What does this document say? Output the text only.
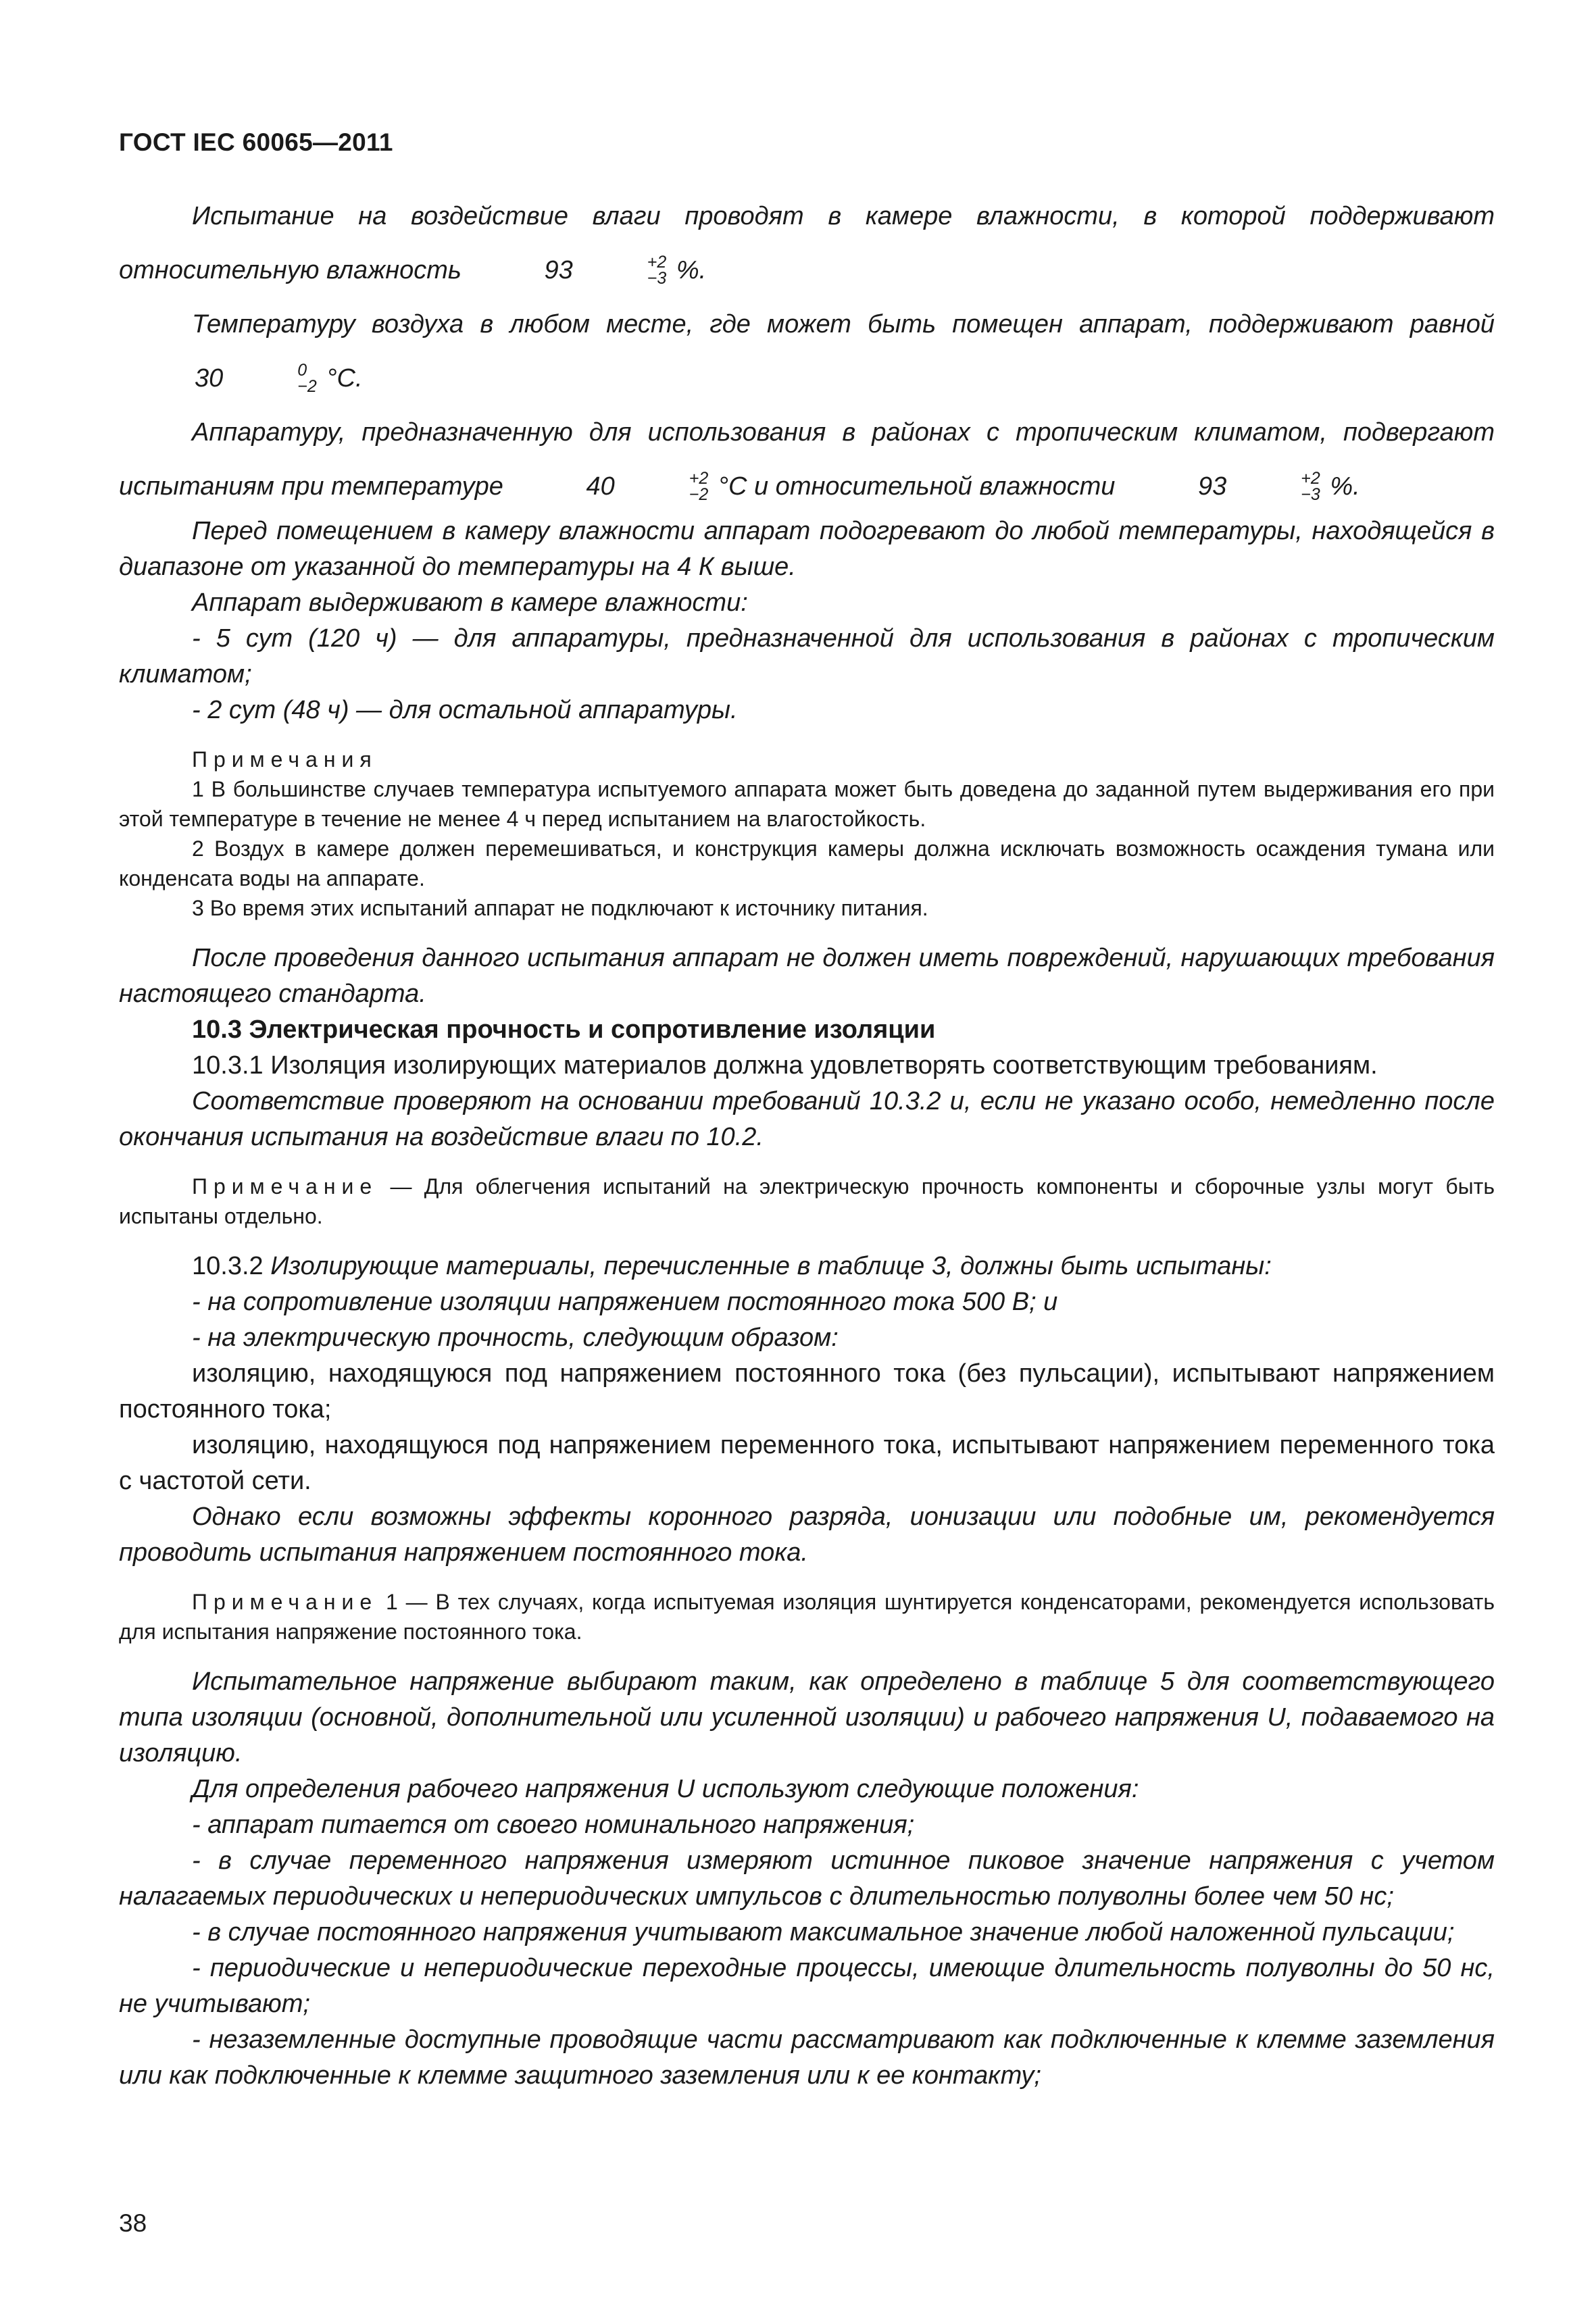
ГОСТ IEC 60065—2011

Испытание на воздействие влаги проводят в камере влажности, в которой поддерживают относительную влажность	93	+2
−3 %.

Температуру воздуха в любом месте, где может быть помещен аппарат, поддерживают равной 30	0
−2 °С.

Аппаратуру, предназначенную для использования в районах с тропическим климатом, подвергают испытаниям при температуре	40	+2
−2 °С и относительной влажности	93	+2
−3 %.

Перед помещением в камеру влажности аппарат подогревают до любой температуры, находящейся в диапазоне от указанной до температуры на 4 К выше.

Аппарат выдерживают в камере влажности:

- 5 сут (120 ч) — для аппаратуры, предназначенной для использования в районах с тропическим климатом;

- 2 сут (48 ч) — для остальной аппаратуры.

Примечания

1 В большинстве случаев температура испытуемого аппарата может быть доведена до заданной путем выдерживания его при этой температуре в течение не менее 4 ч перед испытанием на влагостойкость.

2 Воздух в камере должен перемешиваться, и конструкция камеры должна исключать возможность осаждения тумана или конденсата воды на аппарате.

3 Во время этих испытаний аппарат не подключают к источнику питания.

После проведения данного испытания аппарат не должен иметь повреждений, нарушающих требования настоящего стандарта.

10.3 Электрическая прочность и сопротивление изоляции

10.3.1 Изоляция изолирующих материалов должна удовлетворять соответствующим требованиям.

Соответствие проверяют на основании требований 10.3.2 и, если не указано особо, немедленно после окончания испытания на воздействие влаги по 10.2.

Примечание — Для облегчения испытаний на электрическую прочность компоненты и сборочные узлы могут быть испытаны отдельно.

10.3.2 Изолирующие материалы, перечисленные в таблице 3, должны быть испытаны:

- на сопротивление изоляции напряжением постоянного тока 500 В; и

- на электрическую прочность, следующим образом:

изоляцию, находящуюся под напряжением постоянного тока (без пульсации), испытывают напряжением постоянного тока;

изоляцию, находящуюся под напряжением переменного тока, испытывают напряжением переменного тока с частотой сети.

Однако если возможны эффекты коронного разряда, ионизации или подобные им, рекомендуется проводить испытания напряжением постоянного тока.

Примечание 1 — В тех случаях, когда испытуемая изоляция шунтируется конденсаторами, рекомендуется использовать для испытания напряжение постоянного тока.

Испытательное напряжение выбирают таким, как определено в таблице 5 для соответствующего типа изоляции (основной, дополнительной или усиленной изоляции) и рабочего напряжения U, подаваемого на изоляцию.

Для определения рабочего напряжения U используют следующие положения:

- аппарат питается от своего номинального напряжения;

- в случае переменного напряжения измеряют истинное пиковое значение напряжения с учетом налагаемых периодических и непериодических импульсов с длительностью полуволны более чем 50 нс;

- в случае постоянного напряжения учитывают максимальное значение любой наложенной пульсации;

- периодические и непериодические переходные процессы, имеющие длительность полуволны до 50 нс, не учитывают;

- незаземленные доступные проводящие части рассматривают как подключенные к клемме заземления или как подключенные к клемме защитного заземления или к ее контакту;

38
